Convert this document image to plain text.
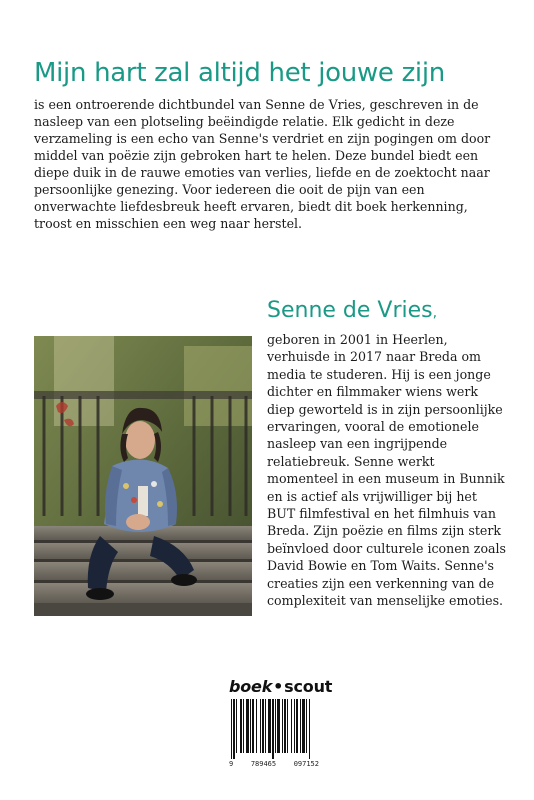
Mijn hart zal altijd het jouwe zijn

is een ontroerende dichtbundel van Senne de Vries, geschreven in de nasleep van een plotseling beëindigde relatie. Elk gedicht in deze verzameling is een echo van Senne's verdriet en zijn pogingen om door middel van poëzie zijn gebroken hart te helen. Deze bundel biedt een diepe duik in de rauwe emoties van verlies, liefde en de zoektocht naar persoonlijke genezing. Voor iedereen die ooit de pijn van een onverwachte liefdesbreuk heeft ervaren, biedt dit boek herkenning, troost en misschien een weg naar herstel.

Senne de Vries,

geboren in 2001 in Heerlen, verhuisde in 2017 naar Breda om media te studeren. Hij is een jonge dichter en filmmaker wiens werk diep geworteld is in zijn persoonlijke ervaringen, vooral de emotionele nasleep van een ingrijpende relatiebreuk. Senne werkt momenteel in een museum in Bunnik en is actief als vrijwilliger bij het BUT filmfestival en het filmhuis van Breda. Zijn poëzie en films zijn sterk beïnvloed door culturele iconen zoals David Bowie en Tom Waits. Senne's creaties zijn een verkenning van de complexiteit van menselijke emoties.

boek•scout
9	789465	097152
